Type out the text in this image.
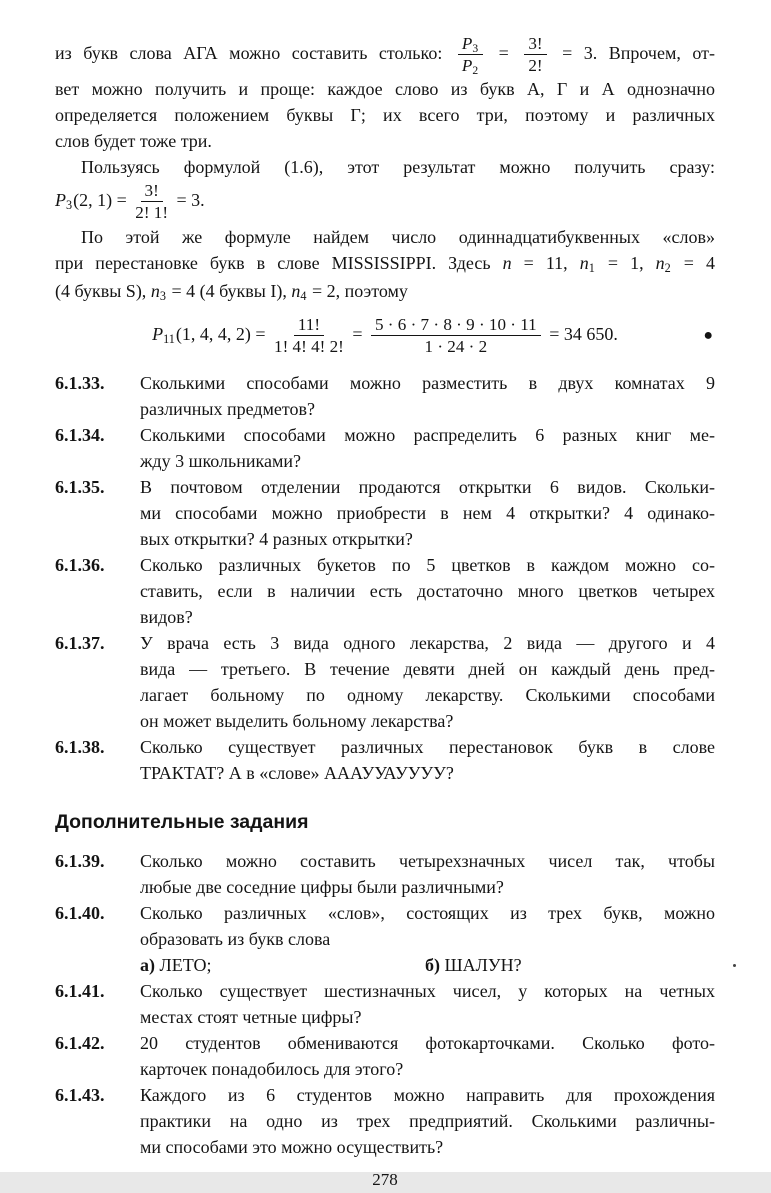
из букв слова АГА можно составить столько: $\frac{P3}{P2} = \frac{3!}{2!} = 3$. Впрочем, от-
вет можно получить и проще: каждое слово из букв А, Г и А однозначно
определяется положением буквы Г; их всего три, поэтому и различных
слов будет тоже три.
Пользуясь формулой (1.6), этот результат можно получить сразу:
P3(2, $1) = \frac{3!}{2! 1!} = 3$.
По этой же формуле найдем число одиннадцатибуквенных «слов»
при перестановке букв в слове MISSISSIPPI. Здесь n = 11, n1 = 1, n2 = 4
(4 буквы S), n3 = 4 (4 буквы I), n4 = 2, поэтому
P11(1, 4, 4, $2) = \frac{11!}{1! 4! 4! 2!} = \frac{5 \cdot 6 \cdot 7 \cdot 8 \cdot 9 \cdot 10 \cdot 11}{1 \cdot 24 \cdot 2} = 34$ 650.	●
6.1.33.	Сколькими способами можно разместить в двух комнатах 9
различных предметов?
6.1.34.	Сколькими способами можно распределить 6 разных книг ме-
жду 3 школьниками?
6.1.35.	В почтовом отделении продаются открытки 6 видов. Скольки-
ми способами можно приобрести в нем 4 открытки? 4 одинако-
вых открытки? 4 разных открытки?
6.1.36.	Сколько различных букетов по 5 цветков в каждом можно со-
ставить, если в наличии есть достаточно много цветков четырех
видов?
6.1.37.	У врача есть 3 вида одного лекарства, 2 вида — другого и 4
вида — третьего. В течение девяти дней он каждый день пред-
лагает больному по одному лекарству. Сколькими способами
он может выделить больному лекарства?
6.1.38.	Сколько существует различных перестановок букв в слове
ТРАКТАТ? А в «слове» АААУУАУУУУ?
Дополнительные задания
6.1.39.	Сколько можно составить четырехзначных чисел так, чтобы
любые две соседние цифры были различными?
6.1.40.	Сколько различных «слов», состоящих из трех букв, можно
образовать из букв слова
а) ЛЕТО;	б) ШАЛУН?
6.1.41.	Сколько существует шестизначных чисел, у которых на четных
местах стоят четные цифры?
6.1.42.	20 студентов обмениваются фотокарточками. Сколько фото-
карточек понадобилось для этого?
6.1.43.	Каждого из 6 студентов можно направить для прохождения
практики на одно из трех предприятий. Сколькими различны-
ми способами это можно осуществить?
278
